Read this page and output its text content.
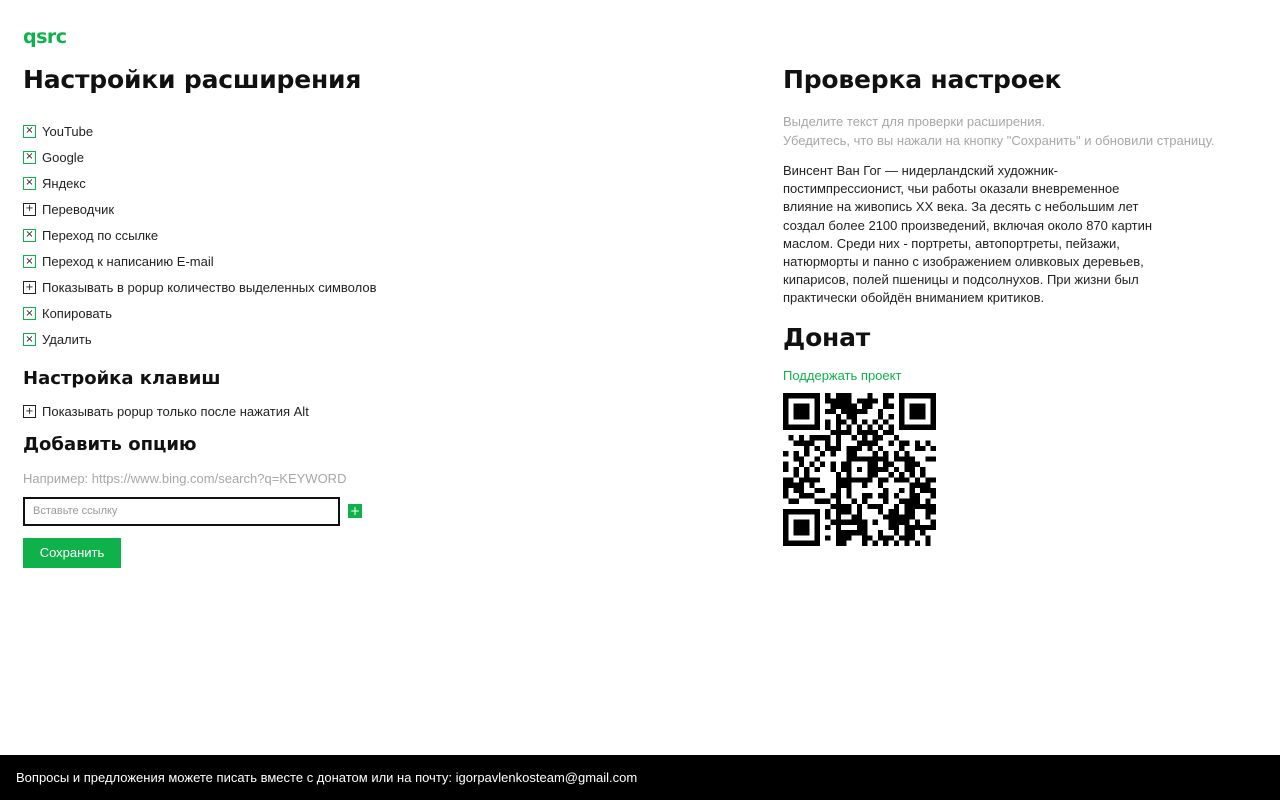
qsrc
Настройки расширения
× YouTube
× Google
× Яндекс
+ Переводчик
× Переход по ссылке
× Переход к написанию E-mail
+ Показывать в popup количество выделенных символов
× Копировать
× Удалить
Настройка клавиш
+ Показывать popup только после нажатия Alt
Добавить опцию
Например: https://www.bing.com/search?q=KEYWORD
Вставьте ссылку
+
Сохранить
Проверка настроек
Выделите текст для проверки расширения.
Убедитесь, что вы нажали на кнопку "Сохранить" и обновили страницу.

Винсент Ван Гог — нидерландский художник-постимпрессионист, чьи работы оказали вневременное влияние на живопись XX века. За десять с небольшим лет создал более 2100 произведений, включая около 870 картин маслом. Среди них - портреты, автопортреты, пейзажи, натюрморты и панно с изображением оливковых деревьев, кипарисов, полей пшеницы и подсолнухов. При жизни был практически обойдён вниманием критиков.

Донат
Поддержать проект
Вопросы и предложения можете писать вместе с донатом или на почту: igorpavlenkosteam@gmail.com
